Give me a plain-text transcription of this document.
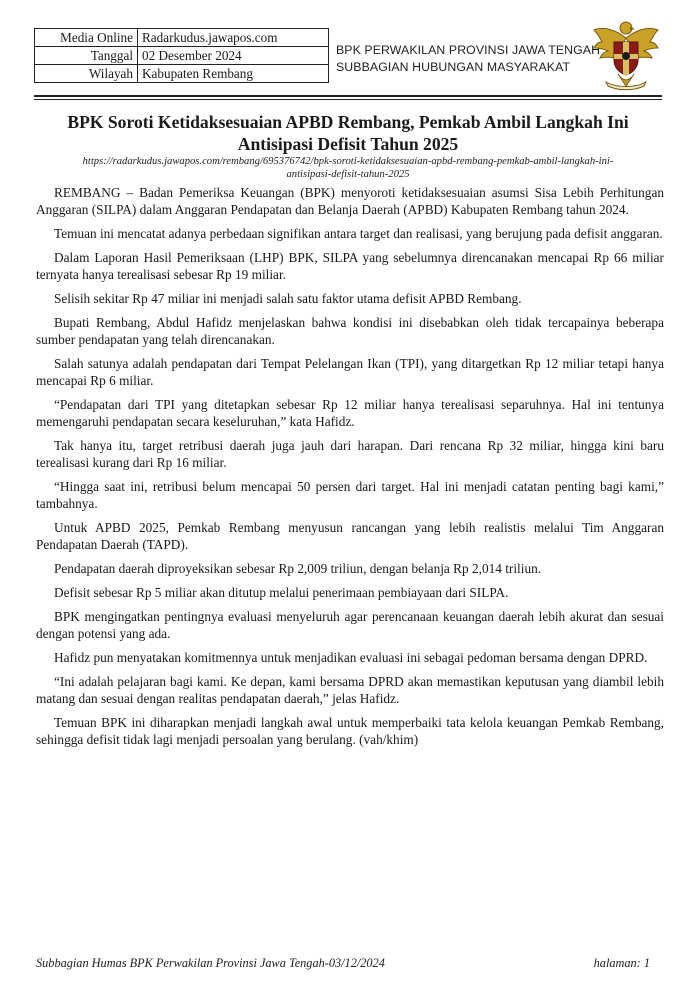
Media Online	Radarkudus.jawapos.com
Tanggal	02 Desember 2024
Wilayah	Kabupaten Rembang
BPK PERWAKILAN PROVINSI JAWA TENGAH
SUBBAGIAN HUBUNGAN MASYARAKAT
BPK Soroti Ketidaksesuaian APBD Rembang, Pemkab Ambil Langkah Ini
Antisipasi Defisit Tahun 2025
https://radarkudus.jawapos.com/rembang/695376742/bpk-soroti-ketidaksesuaian-apbd-rembang-pemkab-ambil-langkah-ini-
antisipasi-defisit-tahun-2025

REMBANG – Badan Pemeriksa Keuangan (BPK) menyoroti ketidaksesuaian asumsi Sisa Lebih Perhitungan Anggaran (SILPA) dalam Anggaran Pendapatan dan Belanja Daerah (APBD) Kabupaten Rembang tahun 2024.

Temuan ini mencatat adanya perbedaan signifikan antara target dan realisasi, yang berujung pada defisit anggaran.

Dalam Laporan Hasil Pemeriksaan (LHP) BPK, SILPA yang sebelumnya direncanakan mencapai Rp 66 miliar ternyata hanya terealisasi sebesar Rp 19 miliar.

Selisih sekitar Rp 47 miliar ini menjadi salah satu faktor utama defisit APBD Rembang.

Bupati Rembang, Abdul Hafidz menjelaskan bahwa kondisi ini disebabkan oleh tidak tercapainya beberapa sumber pendapatan yang telah direncanakan.

Salah satunya adalah pendapatan dari Tempat Pelelangan Ikan (TPI), yang ditargetkan Rp 12 miliar tetapi hanya mencapai Rp 6 miliar.

“Pendapatan dari TPI yang ditetapkan sebesar Rp 12 miliar hanya terealisasi separuhnya. Hal ini tentunya memengaruhi pendapatan secara keseluruhan,” kata Hafidz.

Tak hanya itu, target retribusi daerah juga jauh dari harapan. Dari rencana Rp 32 miliar, hingga kini baru terealisasi kurang dari Rp 16 miliar.

“Hingga saat ini, retribusi belum mencapai 50 persen dari target. Hal ini menjadi catatan penting bagi kami,” tambahnya.

Untuk APBD 2025, Pemkab Rembang menyusun rancangan yang lebih realistis melalui Tim Anggaran Pendapatan Daerah (TAPD).

Pendapatan daerah diproyeksikan sebesar Rp 2,009 triliun, dengan belanja Rp 2,014 triliun.

Defisit sebesar Rp 5 miliar akan ditutup melalui penerimaan pembiayaan dari SILPA.

BPK mengingatkan pentingnya evaluasi menyeluruh agar perencanaan keuangan daerah lebih akurat dan sesuai dengan potensi yang ada.

Hafidz pun menyatakan komitmennya untuk menjadikan evaluasi ini sebagai pedoman bersama dengan DPRD.

“Ini adalah pelajaran bagi kami. Ke depan, kami bersama DPRD akan memastikan keputusan yang diambil lebih matang dan sesuai dengan realitas pendapatan daerah,” jelas Hafidz.

Temuan BPK ini diharapkan menjadi langkah awal untuk memperbaiki tata kelola keuangan Pemkab Rembang, sehingga defisit tidak lagi menjadi persoalan yang berulang. (vah/khim)

Subbagian Humas BPK Perwakilan Provinsi Jawa Tengah-03/12/2024	halaman: 1
